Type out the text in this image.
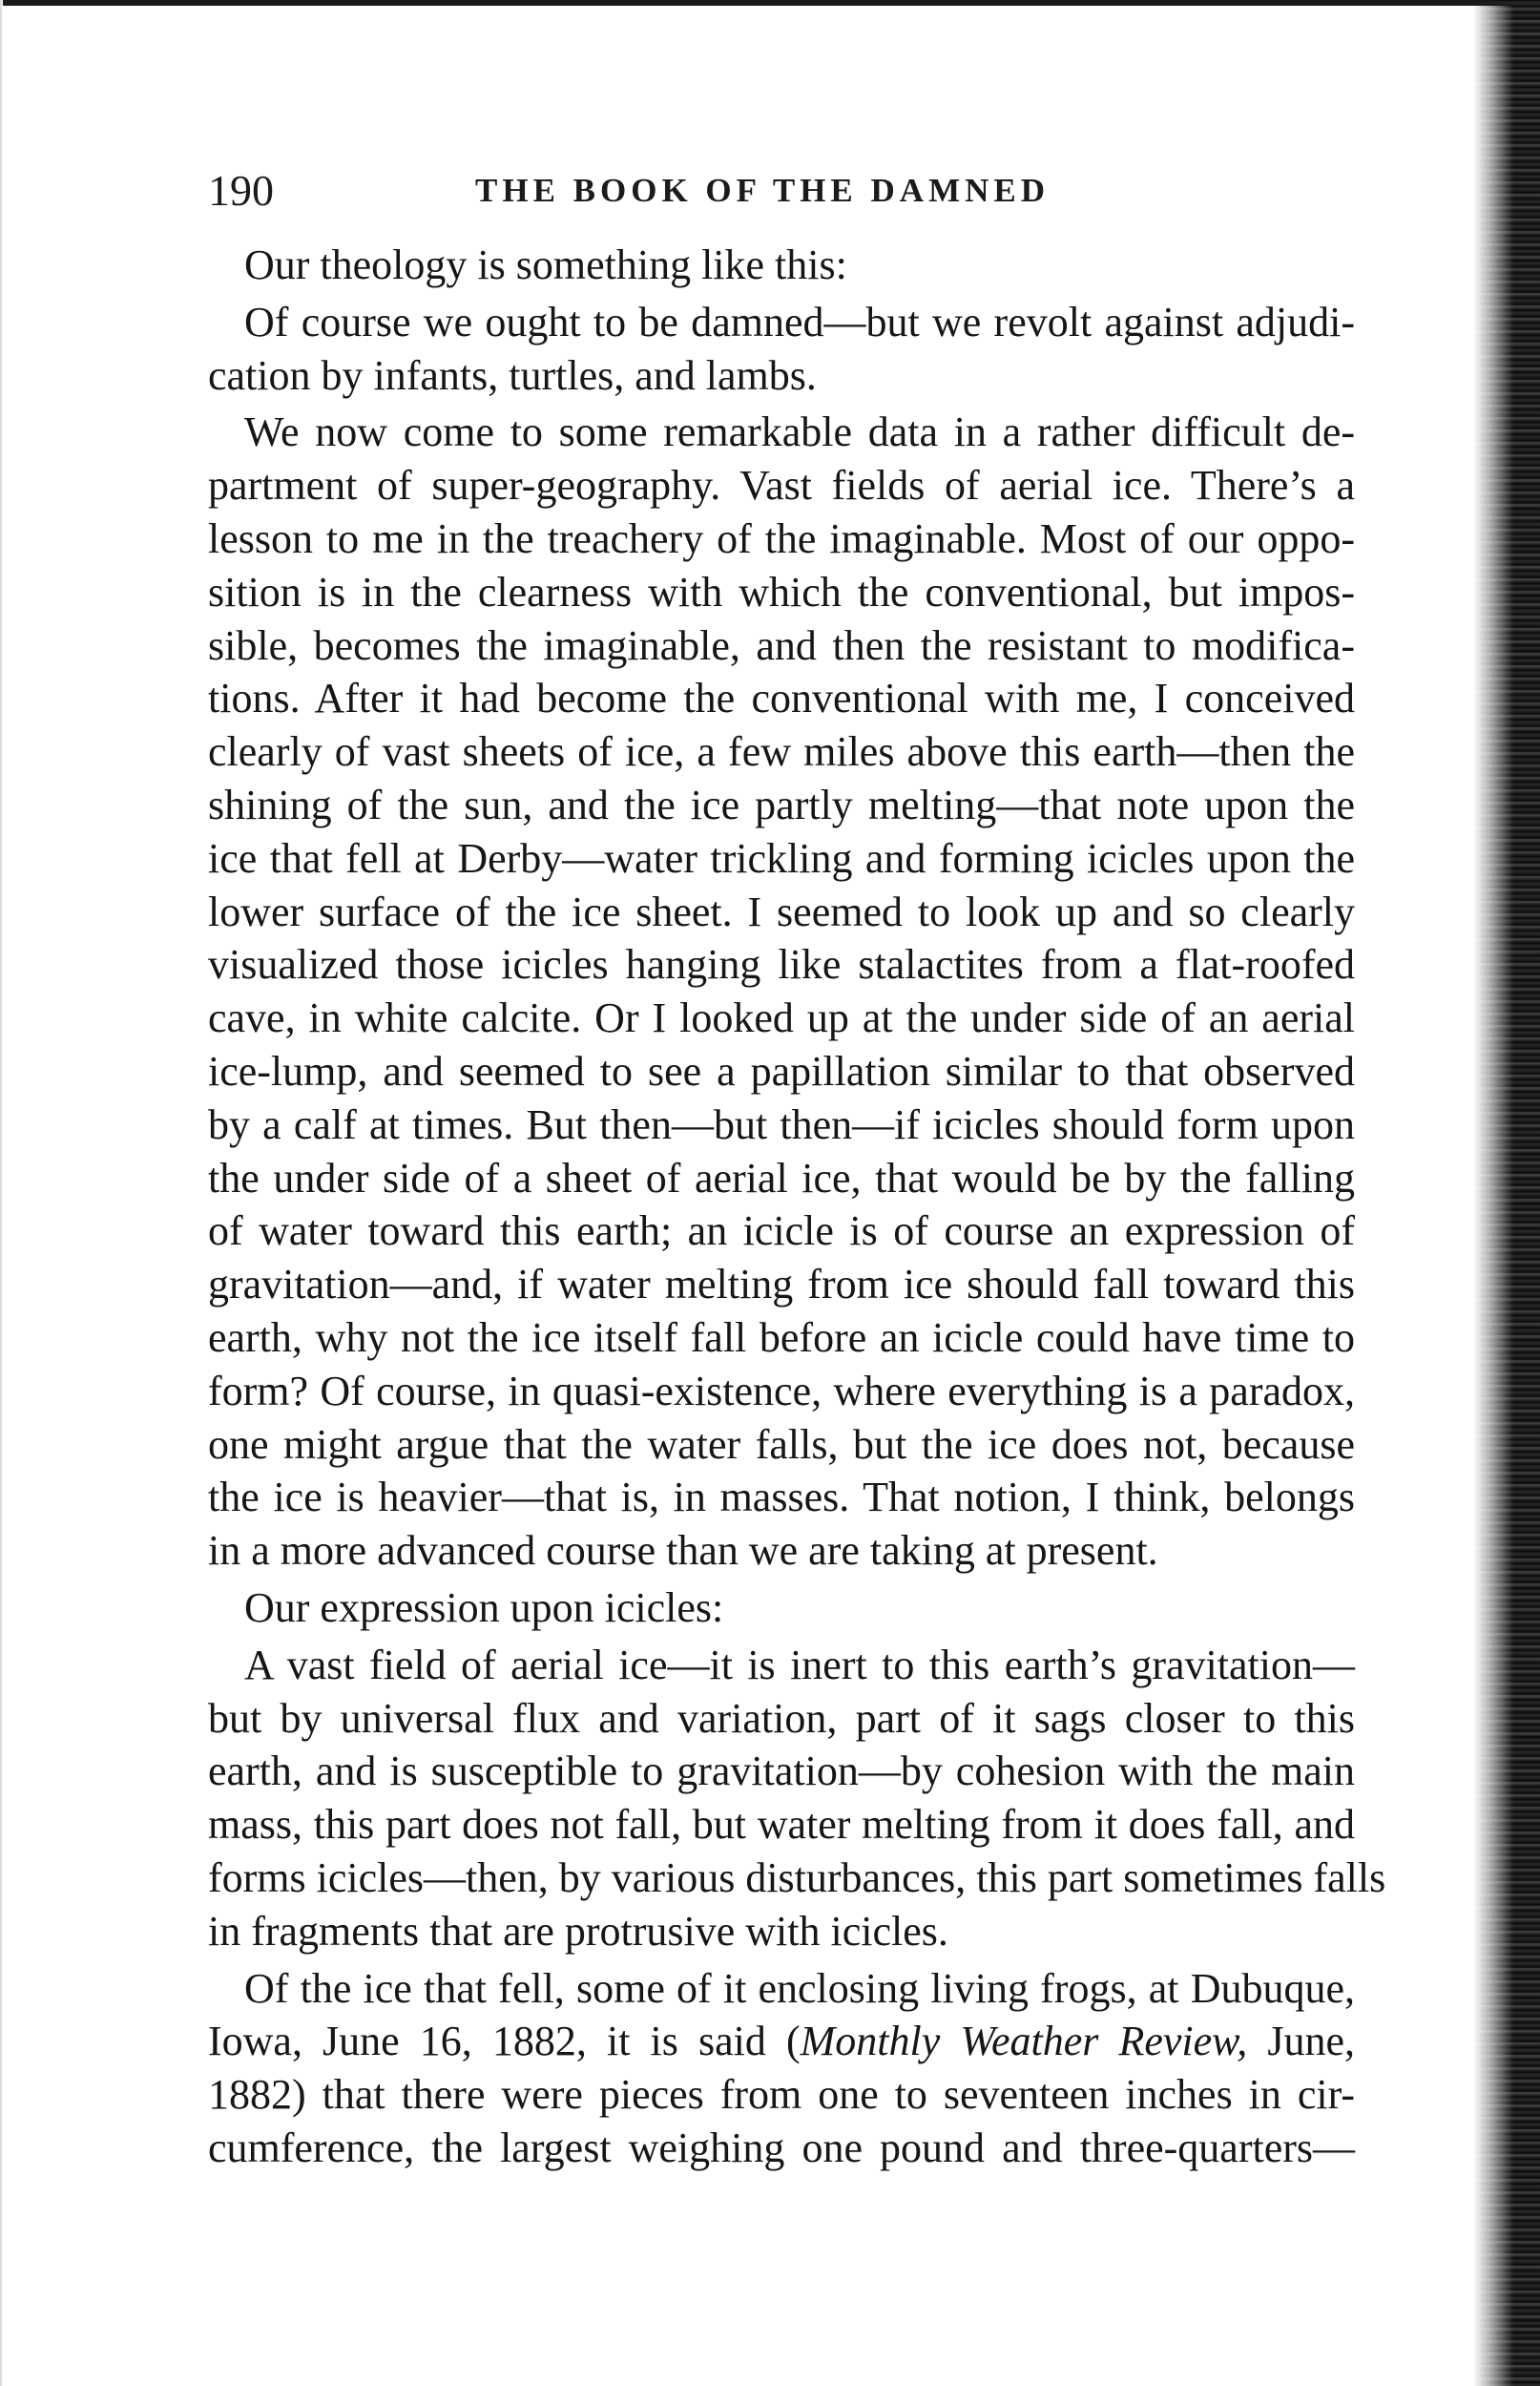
190	THE BOOK OF THE DAMNED
Our theology is something like this:
Of course we ought to be damned—but we revolt against adjudi-
cation by infants, turtles, and lambs.
We now come to some remarkable data in a rather difficult de-
partment of super-geography. Vast fields of aerial ice. There’s a
lesson to me in the treachery of the imaginable. Most of our oppo-
sition is in the clearness with which the conventional, but impos-
sible, becomes the imaginable, and then the resistant to modifica-
tions. After it had become the conventional with me, I conceived
clearly of vast sheets of ice, a few miles above this earth—then the
shining of the sun, and the ice partly melting—that note upon the
ice that fell at Derby—water trickling and forming icicles upon the
lower surface of the ice sheet. I seemed to look up and so clearly
visualized those icicles hanging like stalactites from a flat-roofed
cave, in white calcite. Or I looked up at the under side of an aerial
ice-lump, and seemed to see a papillation similar to that observed
by a calf at times. But then—but then—if icicles should form upon
the under side of a sheet of aerial ice, that would be by the falling
of water toward this earth; an icicle is of course an expression of
gravitation—and, if water melting from ice should fall toward this
earth, why not the ice itself fall before an icicle could have time to
form? Of course, in quasi-existence, where everything is a paradox,
one might argue that the water falls, but the ice does not, because
the ice is heavier—that is, in masses. That notion, I think, belongs
in a more advanced course than we are taking at present.
Our expression upon icicles:
A vast field of aerial ice—it is inert to this earth’s gravitation—
but by universal flux and variation, part of it sags closer to this
earth, and is susceptible to gravitation—by cohesion with the main
mass, this part does not fall, but water melting from it does fall, and
forms icicles—then, by various disturbances, this part sometimes falls
in fragments that are protrusive with icicles.
Of the ice that fell, some of it enclosing living frogs, at Dubuque,
Iowa, June 16, 1882, it is said (Monthly Weather Review, June,
1882) that there were pieces from one to seventeen inches in cir-
cumference, the largest weighing one pound and three-quarters—
